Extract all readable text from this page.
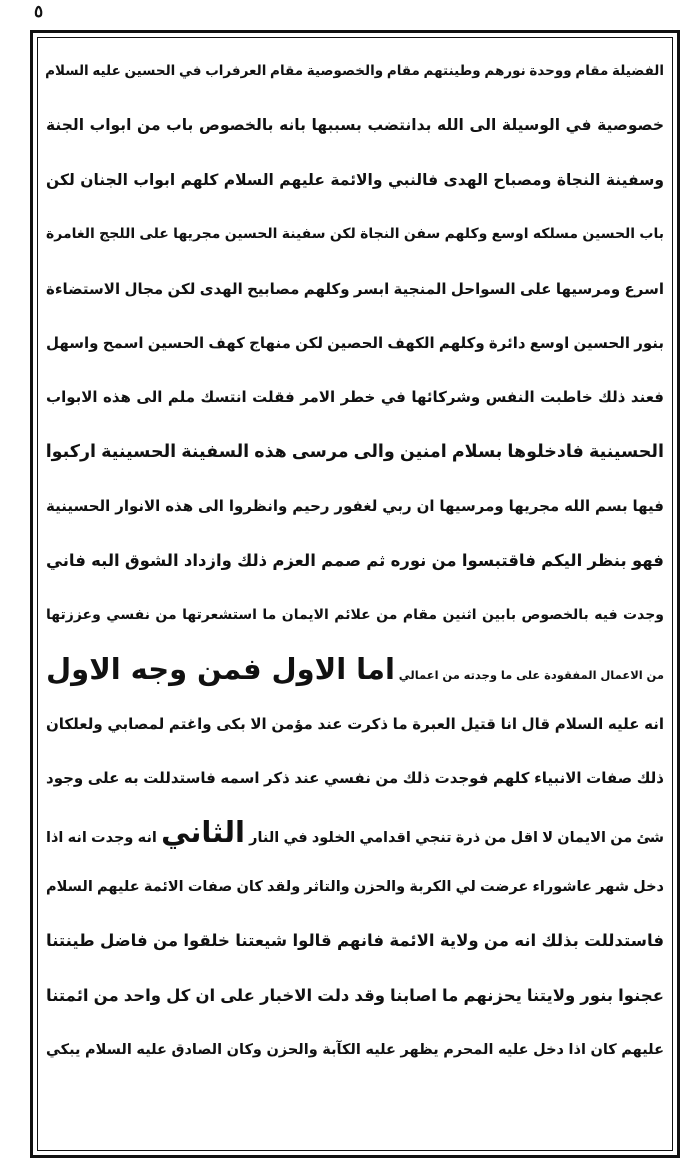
٥
الفضيلة مقام ووحدة نورهم وطينتهم مقام والخصوصية مقام العرفراب في الحسين عليه السلام
خصوصية في الوسيلة الى الله بدانتضب بسببها بانه بالخصوص باب من ابواب الجنة
وسفينة النجاة ومصباح الهدى فالنبي والائمة عليهم السلام كلهم ابواب الجنان لكن
باب الحسين مسلكه اوسع وكلهم سفن النجاة لكن سفينة الحسين مجريها على اللجج الغامرة
اسرع ومرسيها على السواحل المنجية ابسر وكلهم مصابيح الهدى لكن مجال الاستضاءة
بنور الحسين اوسع دائرة وكلهم الكهف الحصين لكن منهاج كهف الحسين اسمح واسهل
فعند ذلك خاطبت النفس وشركائها في خطر الامر فقلت انتسك ملم الى هذه الابواب
الحسينية فادخلوها بسلام امنين والى مرسى هذه السفينة الحسينية اركبوا
فيها بسم الله مجريها ومرسيها ان ربي لغفور رحيم وانظروا الى هذه الانوار الحسينية
فهو بنظر اليكم فاقتبسوا من نوره ثم صمم العزم ذلك وازداد الشوق البه فاني
وجدت فيه بالخصوص بابين اثنين مقام من علائم الايمان ما استشعرتها من نفسي وعززتها
من الاعمال المفقودة على ما وجدته من اعمالي اما الاول فمن وجه الاول
انه عليه السلام قال انا قتيل العبرة ما ذكرت عند مؤمن الا بكى واغتم لمصابي ولعلكان
ذلك صفات الانبياء كلهم فوجدت ذلك من نفسي عند ذكر اسمه فاستدللت به على وجود
شئ من الايمان لا اقل من ذرة تنجي اقدامي الخلود في النار الثاني انه وجدت انه اذا
دخل شهر عاشوراء عرضت لي الكربة والحزن والتاثر ولقد كان صفات الائمة عليهم السلام
فاستدللت بذلك انه من ولاية الائمة فانهم قالوا شيعتنا خلقوا من فاضل طينتنا
عجنوا بنور ولايتنا يحزنهم ما اصابنا وقد دلت الاخبار على ان كل واحد من ائمتنا
عليهم كان اذا دخل عليه المحرم يظهر عليه الكآبة والحزن وكان الصادق عليه السلام يبكي
